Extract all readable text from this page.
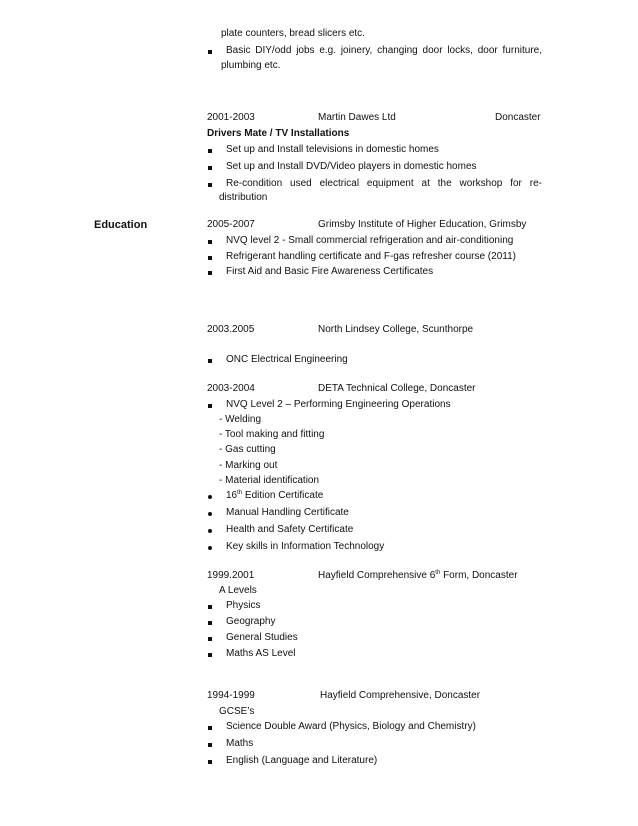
plate counters, bread slicers etc.
Basic DIY/odd jobs e.g. joinery, changing door locks, door furniture,
plumbing etc.
2001-2003	Martin Dawes Ltd	Doncaster
Drivers Mate / TV Installations
Set up and Install televisions in domestic homes
Set up and Install DVD/Video players in domestic homes
Re-condition used electrical equipment at the workshop for re-
distribution
Education	2005-2007	Grimsby Institute of Higher Education, Grimsby
NVQ level 2 - Small commercial refrigeration and air-conditioning
Refrigerant handling certificate and F-gas refresher course (2011)
First Aid and Basic Fire Awareness Certificates
2003.2005	North Lindsey College, Scunthorpe
ONC Electrical Engineering
2003-2004	DETA Technical College, Doncaster
NVQ Level 2 – Performing Engineering Operations
- Welding
- Tool making and fitting
- Gas cutting
- Marking out
- Material identification
16th Edition Certificate
Manual Handling Certificate
Health and Safety Certificate
Key skills in Information Technology
1999.2001	Hayfield Comprehensive 6th Form, Doncaster
A Levels
Physics
Geography
General Studies
Maths AS Level
1994-1999	Hayfield Comprehensive, Doncaster
GCSE’s
Science Double Award (Physics, Biology and Chemistry)
Maths
English (Language and Literature)
